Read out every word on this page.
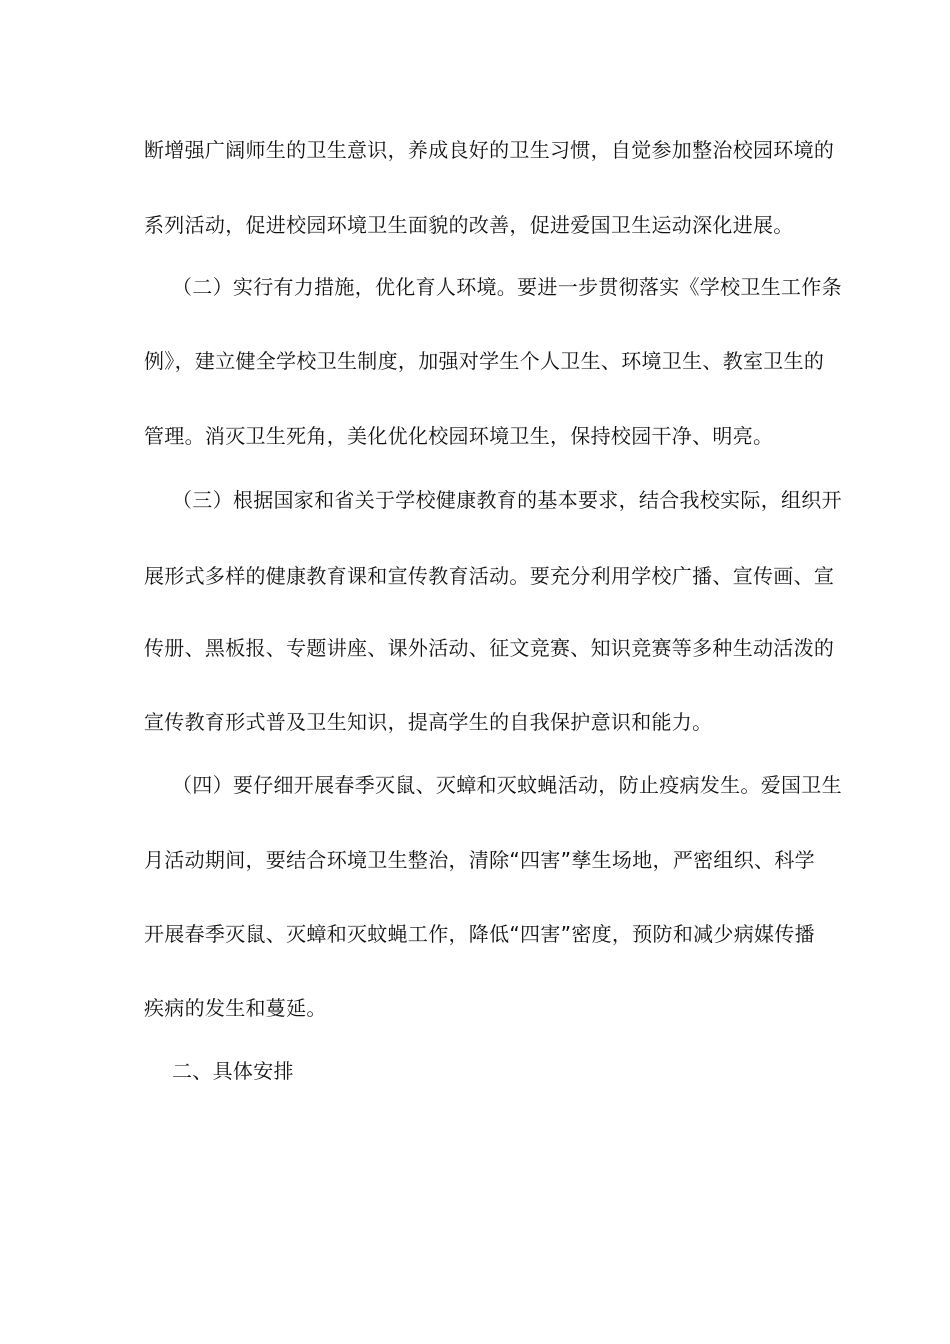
断增强广阔师生的卫生意识，养成良好的卫生习惯，自觉参加整治校园环境的
系列活动，促进校园环境卫生面貌的改善，促进爱国卫生运动深化进展。
（二）实行有力措施，优化育人环境。要进一步贯彻落实《学校卫生工作条
例》，建立健全学校卫生制度，加强对学生个人卫生、环境卫生、教室卫生的
管理。消灭卫生死角，美化优化校园环境卫生，保持校园干净、明亮。
（三）根据国家和省关于学校健康教育的基本要求，结合我校实际，组织开
展形式多样的健康教育课和宣传教育活动。要充分利用学校广播、宣传画、宣
传册、黑板报、专题讲座、课外活动、征文竞赛、知识竞赛等多种生动活泼的
宣传教育形式普及卫生知识，提高学生的自我保护意识和能力。
（四）要仔细开展春季灭鼠、灭蟑和灭蚊蝇活动，防止疫病发生。爱国卫生
月活动期间，要结合环境卫生整治，清除“四害”孳生场地，严密组织、科学
开展春季灭鼠、灭蟑和灭蚊蝇工作，降低“四害”密度，预防和减少病媒传播
疾病的发生和蔓延。
二、具体安排
